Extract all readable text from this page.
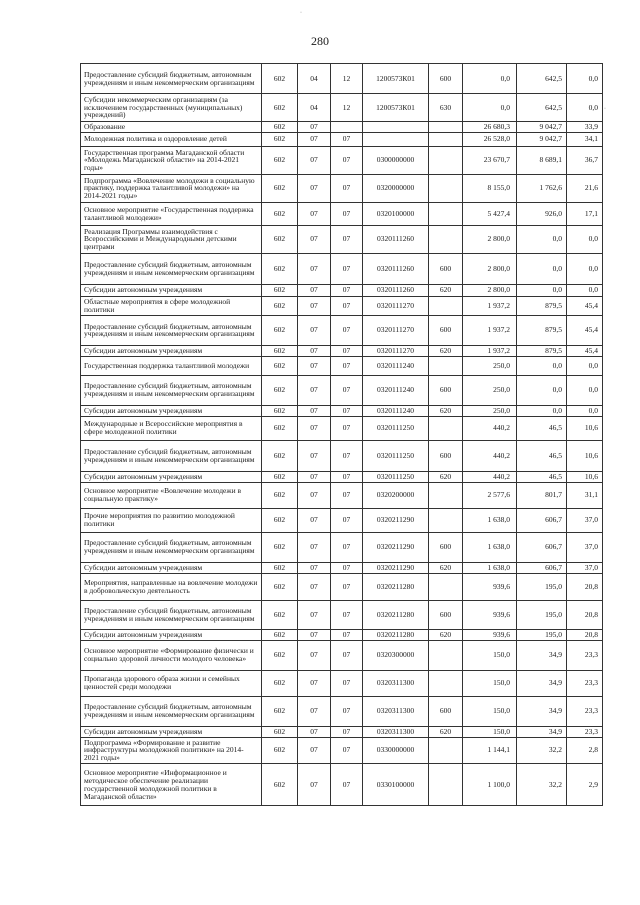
280
Предоставление субсидий бюджетным, автономным учреждениям и иным некоммерческим организациям	602	04	12	1200573К01	600	0,0	642,5	0,0
Субсидии некоммерческим организациям (за исключением государственных (муниципальных) учреждений)	602	04	12	1200573К01	630	0,0	642,5	0,0
Образование	602	07				26 680,3	9 042,7	33,9
Молодежная политика и оздоровление детей	602	07	07			26 528,0	9 042,7	34,1
Государственная программа Магаданской области «Молодежь Магаданской области» на 2014-2021 годы»	602	07	07	0300000000		23 670,7	8 689,1	36,7
Подпрограмма «Вовлечение молодежи в социальную практику, поддержка талантливой молодежи» на 2014-2021 годы»	602	07	07	0320000000		8 155,0	1 762,6	21,6
Основное мероприятие «Государственная поддержка талантливой молодежи»	602	07	07	0320100000		5 427,4	926,0	17,1
Реализация Программы взаимодействия с Всероссийскими и Международными детскими центрами	602	07	07	0320111260		2 800,0	0,0	0,0
Предоставление субсидий бюджетным, автономным учреждениям и иным некоммерческим организациям	602	07	07	0320111260	600	2 800,0	0,0	0,0
Субсидии автономным учреждениям	602	07	07	0320111260	620	2 800,0	0,0	0,0
Областные мероприятия в сфере молодежной политики	602	07	07	0320111270		1 937,2	879,5	45,4
Предоставление субсидий бюджетным, автономным учреждениям и иным некоммерческим организациям	602	07	07	0320111270	600	1 937,2	879,5	45,4
Субсидии автономным учреждениям	602	07	07	0320111270	620	1 937,2	879,5	45,4
Государственная поддержка талантливой молодежи	602	07	07	0320111240		250,0	0,0	0,0
Предоставление субсидий бюджетным, автономным учреждениям и иным некоммерческим организациям	602	07	07	0320111240	600	250,0	0,0	0,0
Субсидии автономным учреждениям	602	07	07	0320111240	620	250,0	0,0	0,0
Международные и Всероссийские мероприятия в сфере молодежной политики	602	07	07	0320111250		440,2	46,5	10,6
Предоставление субсидий бюджетным, автономным учреждениям и иным некоммерческим организациям	602	07	07	0320111250	600	440,2	46,5	10,6
Субсидии автономным учреждениям	602	07	07	0320111250	620	440,2	46,5	10,6
Основное мероприятие «Вовлечение молодежи в социальную практику»	602	07	07	0320200000		2 577,6	801,7	31,1
Прочие мероприятия по развитию молодежной политики	602	07	07	0320211290		1 638,0	606,7	37,0
Предоставление субсидий бюджетным, автономным учреждениям и иным некоммерческим организациям	602	07	07	0320211290	600	1 638,0	606,7	37,0
Субсидии автономным учреждениям	602	07	07	0320211290	620	1 638,0	606,7	37,0
Мероприятия, направленные на вовлечение молодежи в добровольческую деятельность	602	07	07	0320211280		939,6	195,0	20,8
Предоставление субсидий бюджетным, автономным учреждениям и иным некоммерческим организациям	602	07	07	0320211280	600	939,6	195,0	20,8
Субсидии автономным учреждениям	602	07	07	0320211280	620	939,6	195,0	20,8
Основное мероприятие «Формирование физически и социально здоровой личности молодого человека»	602	07	07	0320300000		150,0	34,9	23,3
Пропаганда здорового образа жизни и семейных ценностей среди молодежи	602	07	07	0320311300		150,0	34,9	23,3
Предоставление субсидий бюджетным, автономным учреждениям и иным некоммерческим организациям	602	07	07	0320311300	600	150,0	34,9	23,3
Субсидии автономным учреждениям	602	07	07	0320311300	620	150,0	34,9	23,3
Подпрограмма «Формирование и развитие инфраструктуры молодежной политики» на 2014-2021 годы»	602	07	07	0330000000		1 144,1	32,2	2,8
Основное мероприятие «Информационное и методическое обеспечение реализации государственной молодежной политики в Магаданской области»	602	07	07	0330100000		1 100,0	32,2	2,9
·
·
